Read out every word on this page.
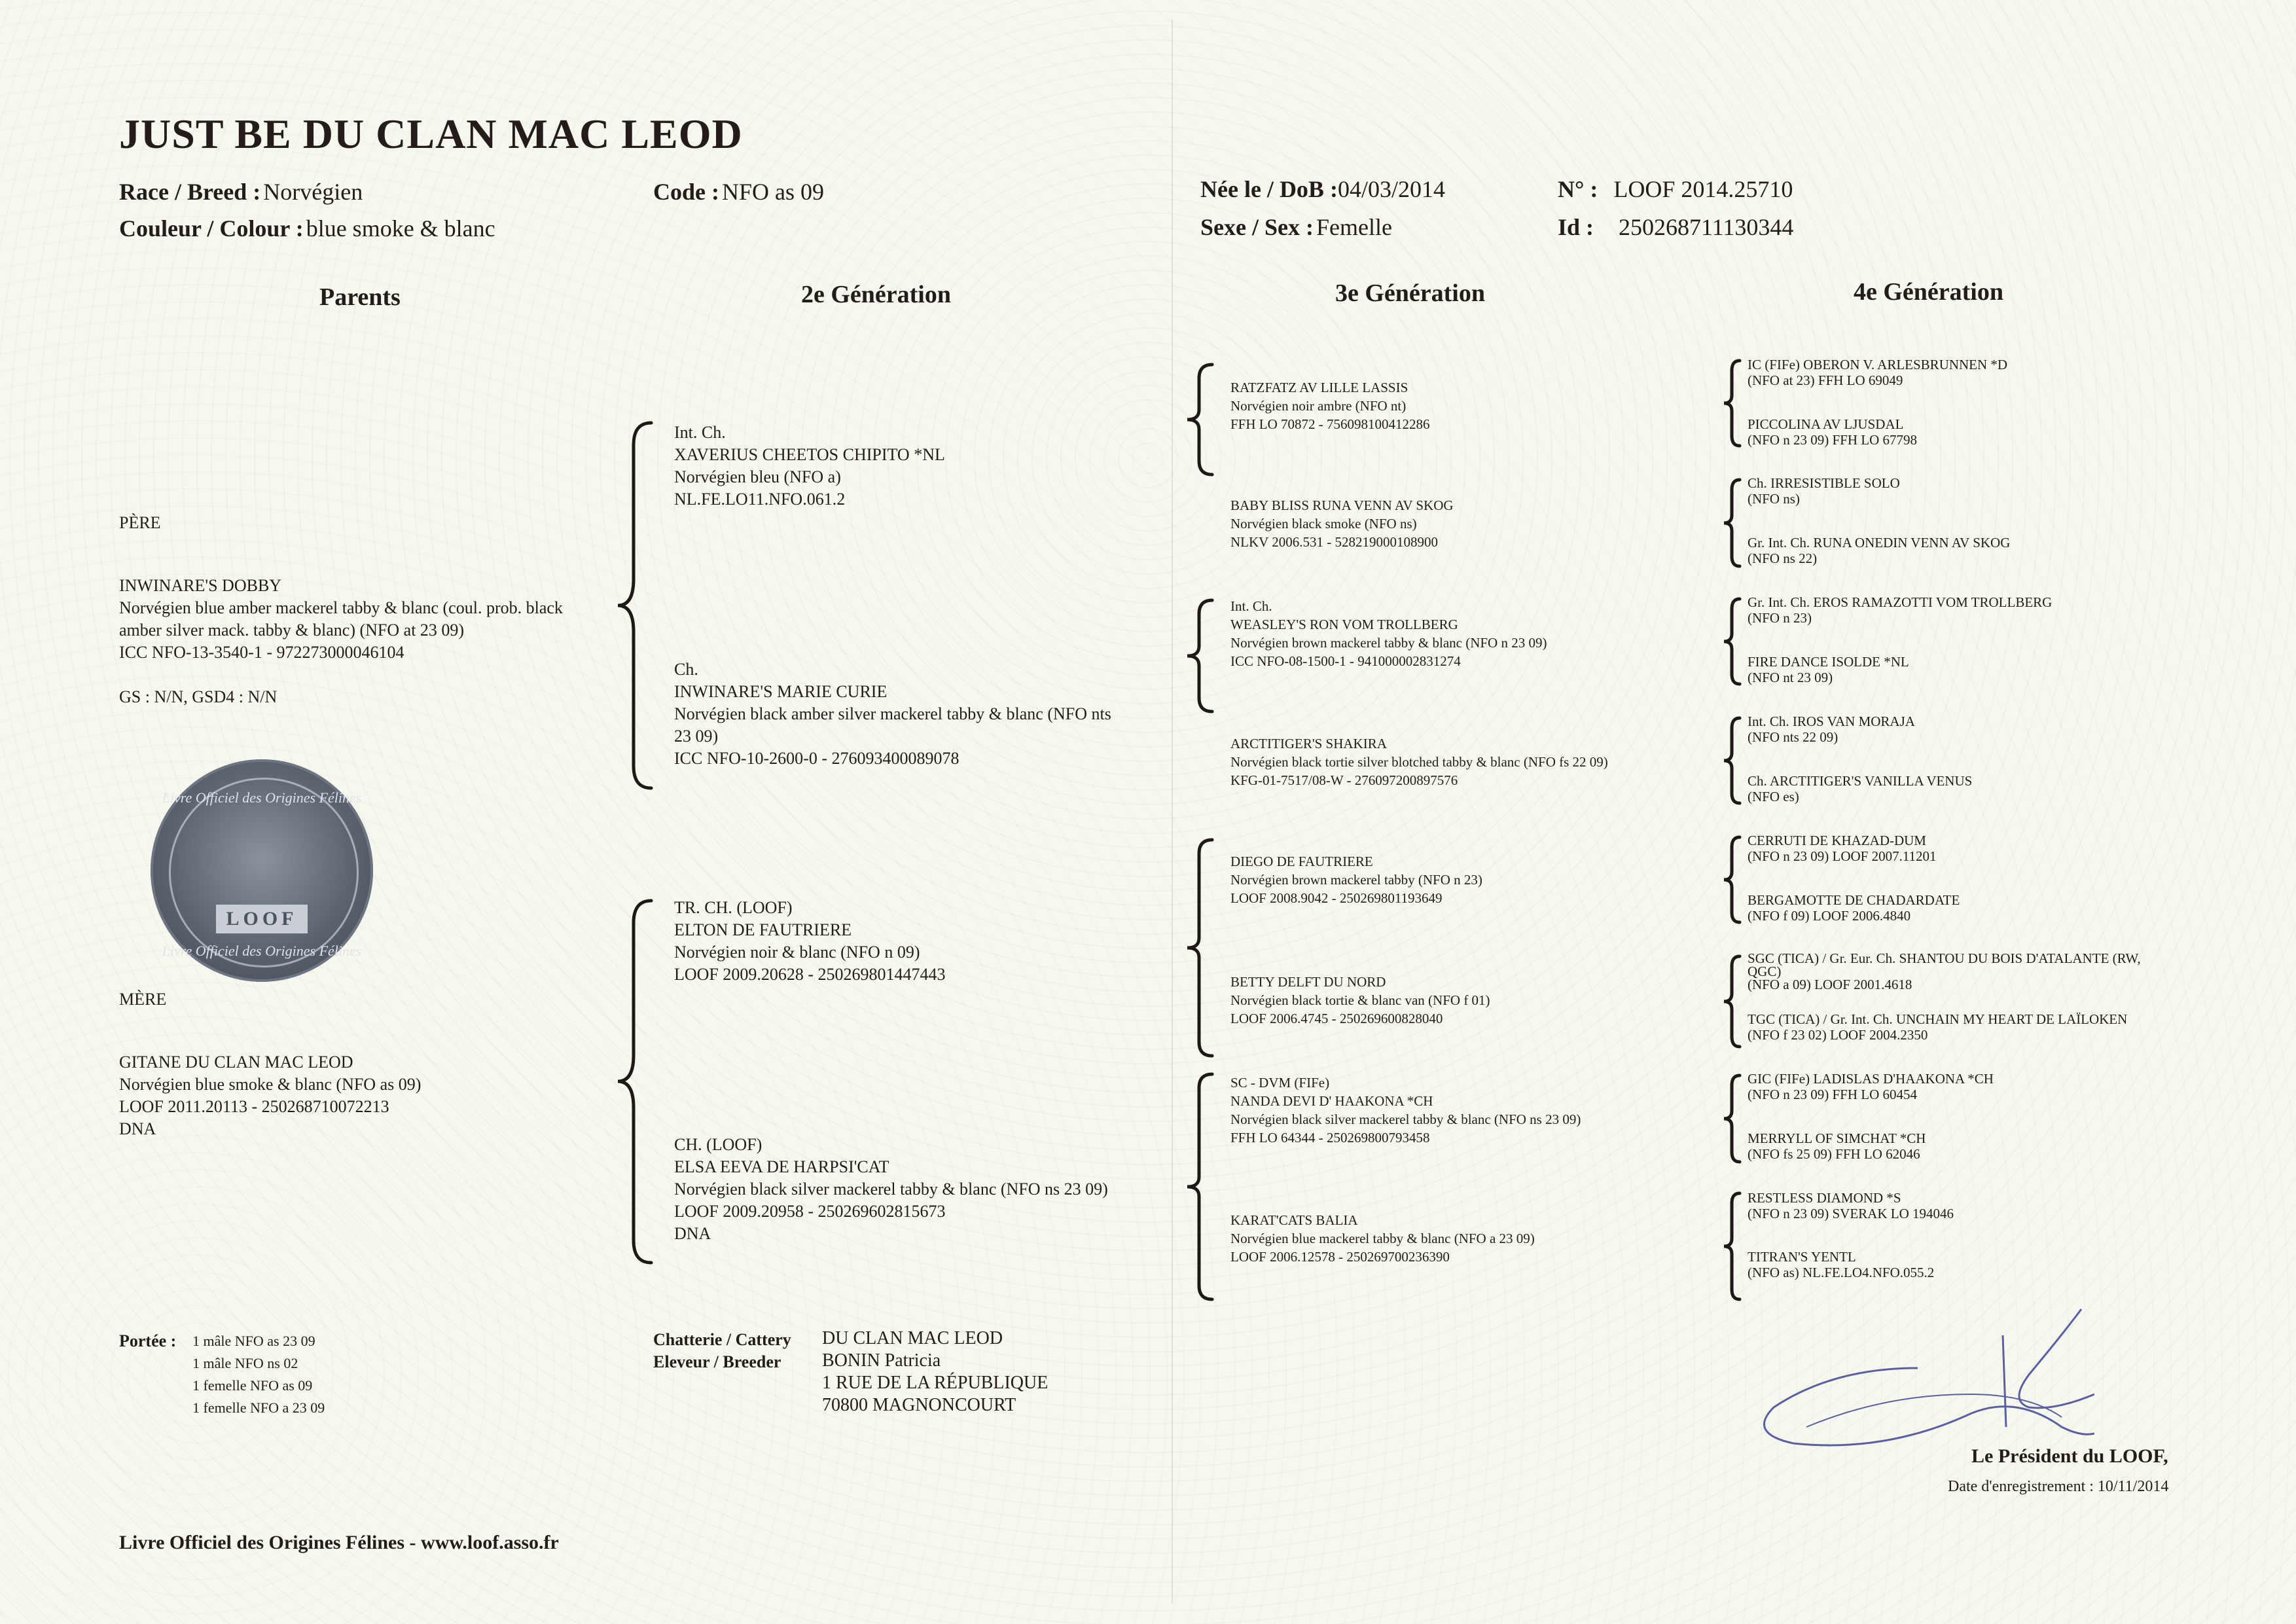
JUST BE DU CLAN MAC LEOD
Race / Breed : Norvégien
Couleur / Colour : blue smoke & blanc
Code : NFO as 09	Née le / DoB :04/03/2014
Sexe / Sex : Femelle
N° : LOOF 2014.25710
Id : 250268711130344
Parents	2e Génération	3e Génération	4e Génération
PÈRE
INWINARE'S DOBBY
Norvégien blue amber mackerel tabby & blanc (coul. prob. black
amber silver mack. tabby & blanc) (NFO at 23 09)
ICC NFO-13-3540-1 - 972273000046104
GS : N/N, GSD4 : N/N
MÈRE
GITANE DU CLAN MAC LEOD
Norvégien blue smoke & blanc (NFO as 09)
LOOF 2011.20113 - 250268710072213
DNA
Livre Officiel des Origines Félines
LOOF
Livre Officiel des Origines Félines
Int. Ch.
XAVERIUS CHEETOS CHIPITO *NL
Norvégien bleu (NFO a)
NL.FE.LO11.NFO.061.2
Ch.
INWINARE'S MARIE CURIE
Norvégien black amber silver mackerel tabby & blanc (NFO nts
23 09)
ICC NFO-10-2600-0 - 276093400089078
TR. CH. (LOOF)
ELTON DE FAUTRIERE
Norvégien noir & blanc (NFO n 09)
LOOF 2009.20628 - 250269801447443
CH. (LOOF)
ELSA EEVA DE HARPSI'CAT
Norvégien black silver mackerel tabby & blanc (NFO ns 23 09)
LOOF 2009.20958 - 250269602815673
DNA
RATZFATZ AV LILLE LASSIS
Norvégien noir ambre (NFO nt)
FFH LO 70872 - 756098100412286
BABY BLISS RUNA VENN AV SKOG
Norvégien black smoke (NFO ns)
NLKV 2006.531 - 528219000108900
Int. Ch.
WEASLEY'S RON VOM TROLLBERG
Norvégien brown mackerel tabby & blanc (NFO n 23 09)
ICC NFO-08-1500-1 - 941000002831274
ARCTITIGER'S SHAKIRA
Norvégien black tortie silver blotched tabby & blanc (NFO fs 22 09)
KFG-01-7517/08-W - 276097200897576
DIEGO DE FAUTRIERE
Norvégien brown mackerel tabby (NFO n 23)
LOOF 2008.9042 - 250269801193649
BETTY DELFT DU NORD
Norvégien black tortie & blanc van (NFO f 01)
LOOF 2006.4745 - 250269600828040
SC - DVM (FIFe)
NANDA DEVI D' HAAKONA *CH
Norvégien black silver mackerel tabby & blanc (NFO ns 23 09)
FFH LO 64344 - 250269800793458
KARAT'CATS BALIA
Norvégien blue mackerel tabby & blanc (NFO a 23 09)
LOOF 2006.12578 - 250269700236390
IC (FIFe) OBERON V. ARLESBRUNNEN *D
(NFO at 23) FFH LO 69049
PICCOLINA AV LJUSDAL
(NFO n 23 09) FFH LO 67798
Ch. IRRESISTIBLE SOLO
(NFO ns)
Gr. Int. Ch. RUNA ONEDIN VENN AV SKOG
(NFO ns 22)
Gr. Int. Ch. EROS RAMAZOTTI VOM TROLLBERG
(NFO n 23)
FIRE DANCE ISOLDE *NL
(NFO nt 23 09)
Int. Ch. IROS VAN MORAJA
(NFO nts 22 09)
Ch. ARCTITIGER'S VANILLA VENUS
(NFO es)
CERRUTI DE KHAZAD-DUM
(NFO n 23 09) LOOF 2007.11201
BERGAMOTTE DE CHADARDATE
(NFO f 09) LOOF 2006.4840
SGC (TICA) / Gr. Eur. Ch. SHANTOU DU BOIS D'ATALANTE (RW,
QGC)
(NFO a 09) LOOF 2001.4618
TGC (TICA) / Gr. Int. Ch. UNCHAIN MY HEART DE LAÏLOKEN
(NFO f 23 02) LOOF 2004.2350
GIC (FIFe) LADISLAS D'HAAKONA *CH
(NFO n 23 09) FFH LO 60454
MERRYLL OF SIMCHAT *CH
(NFO fs 25 09) FFH LO 62046
RESTLESS DIAMOND *S
(NFO n 23 09) SVERAK LO 194046
TITRAN'S YENTL
(NFO as) NL.FE.LO4.NFO.055.2
Portée : 1 mâle NFO as 23 09
1 mâle NFO ns 02
1 femelle NFO as 09
1 femelle NFO a 23 09
Chatterie / Cattery
Eleveur / Breeder
DU CLAN MAC LEOD
BONIN Patricia
1 RUE DE LA RÉPUBLIQUE
70800 MAGNONCOURT
Le Président du LOOF,
Date d'enregistrement : 10/11/2014
Livre Officiel des Origines Félines - www.loof.asso.fr
